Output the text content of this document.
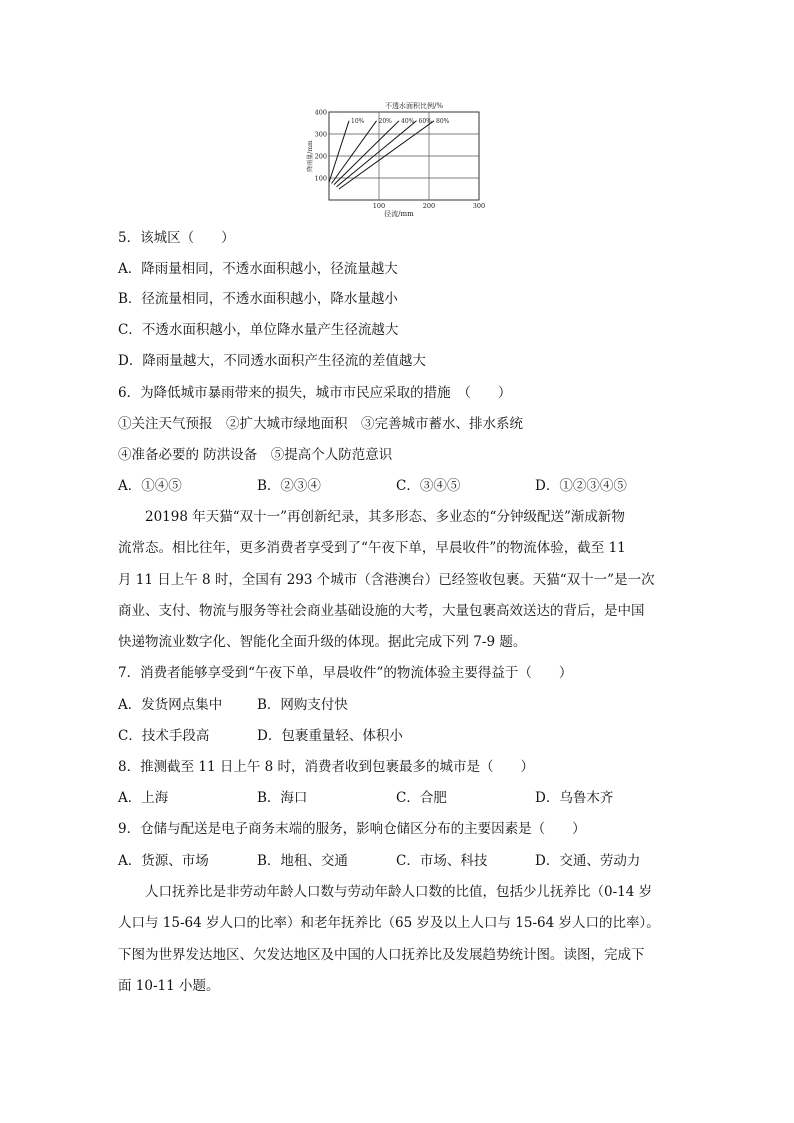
100
200
300
400
100	200	300
10% 20% 40% 60% 80%
不透水面积比例/%
径流/mm
降雨量/mm
5．该城区（　　）
A．降雨量相同，不透水面积越小，径流量越大
B．径流量相同，不透水面积越小，降水量越小
C．不透水面积越小，单位降水量产生径流越大
D．降雨量越大，不同透水面积产生径流的差值越大
6．为降低城市暴雨带来的损失，城市市民应采取的措施　（　　）
①关注天气预报　②扩大城市绿地面积　③完善城市蓄水、排水系统
④准备必要的 防洪设备　⑤提高个人防范意识
A．①④⑤	B．②③④	C．③④⑤	D．①②③④⑤
20198 年天猫“双十一”再创新纪录，其多形态、多业态的“分钟级配送”渐成新物
流常态。相比往年，更多消费者享受到了“午夜下单，早晨收件”的物流体验，截至 11
月 11 日上午 8 时，全国有 293 个城市（含港澳台）已经签收包裹。天猫“双十一”是一次
商业、支付、物流与服务等社会商业基础设施的大考，大量包裹高效送达的背后，是中国
快递物流业数字化、智能化全面升级的体现。据此完成下列 7-9 题。
7．消费者能够享受到“午夜下单，早晨收件”的物流体验主要得益于（　　）
A．发货网点集中	B．网购支付快
C．技术手段高	D．包裹重量轻、体积小
8．推测截至 11 日上午 8 时，消费者收到包裹最多的城市是（　　）
A．上海	B．海口	C．合肥	D．乌鲁木齐
9．仓储与配送是电子商务末端的服务，影响仓储区分布的主要因素是（　　）
A．货源、市场	B．地租、交通	C．市场、科技	D．交通、劳动力
人口抚养比是非劳动年龄人口数与劳动年龄人口数的比值，包括少儿抚养比（0-14 岁
人口与 15-64 岁人口的比率）和老年抚养比（65 岁及以上人口与 15-64 岁人口的比率）。
下图为世界发达地区、欠发达地区及中国的人口抚养比及发展趋势统计图。读图，完成下
面 10-11 小题。
